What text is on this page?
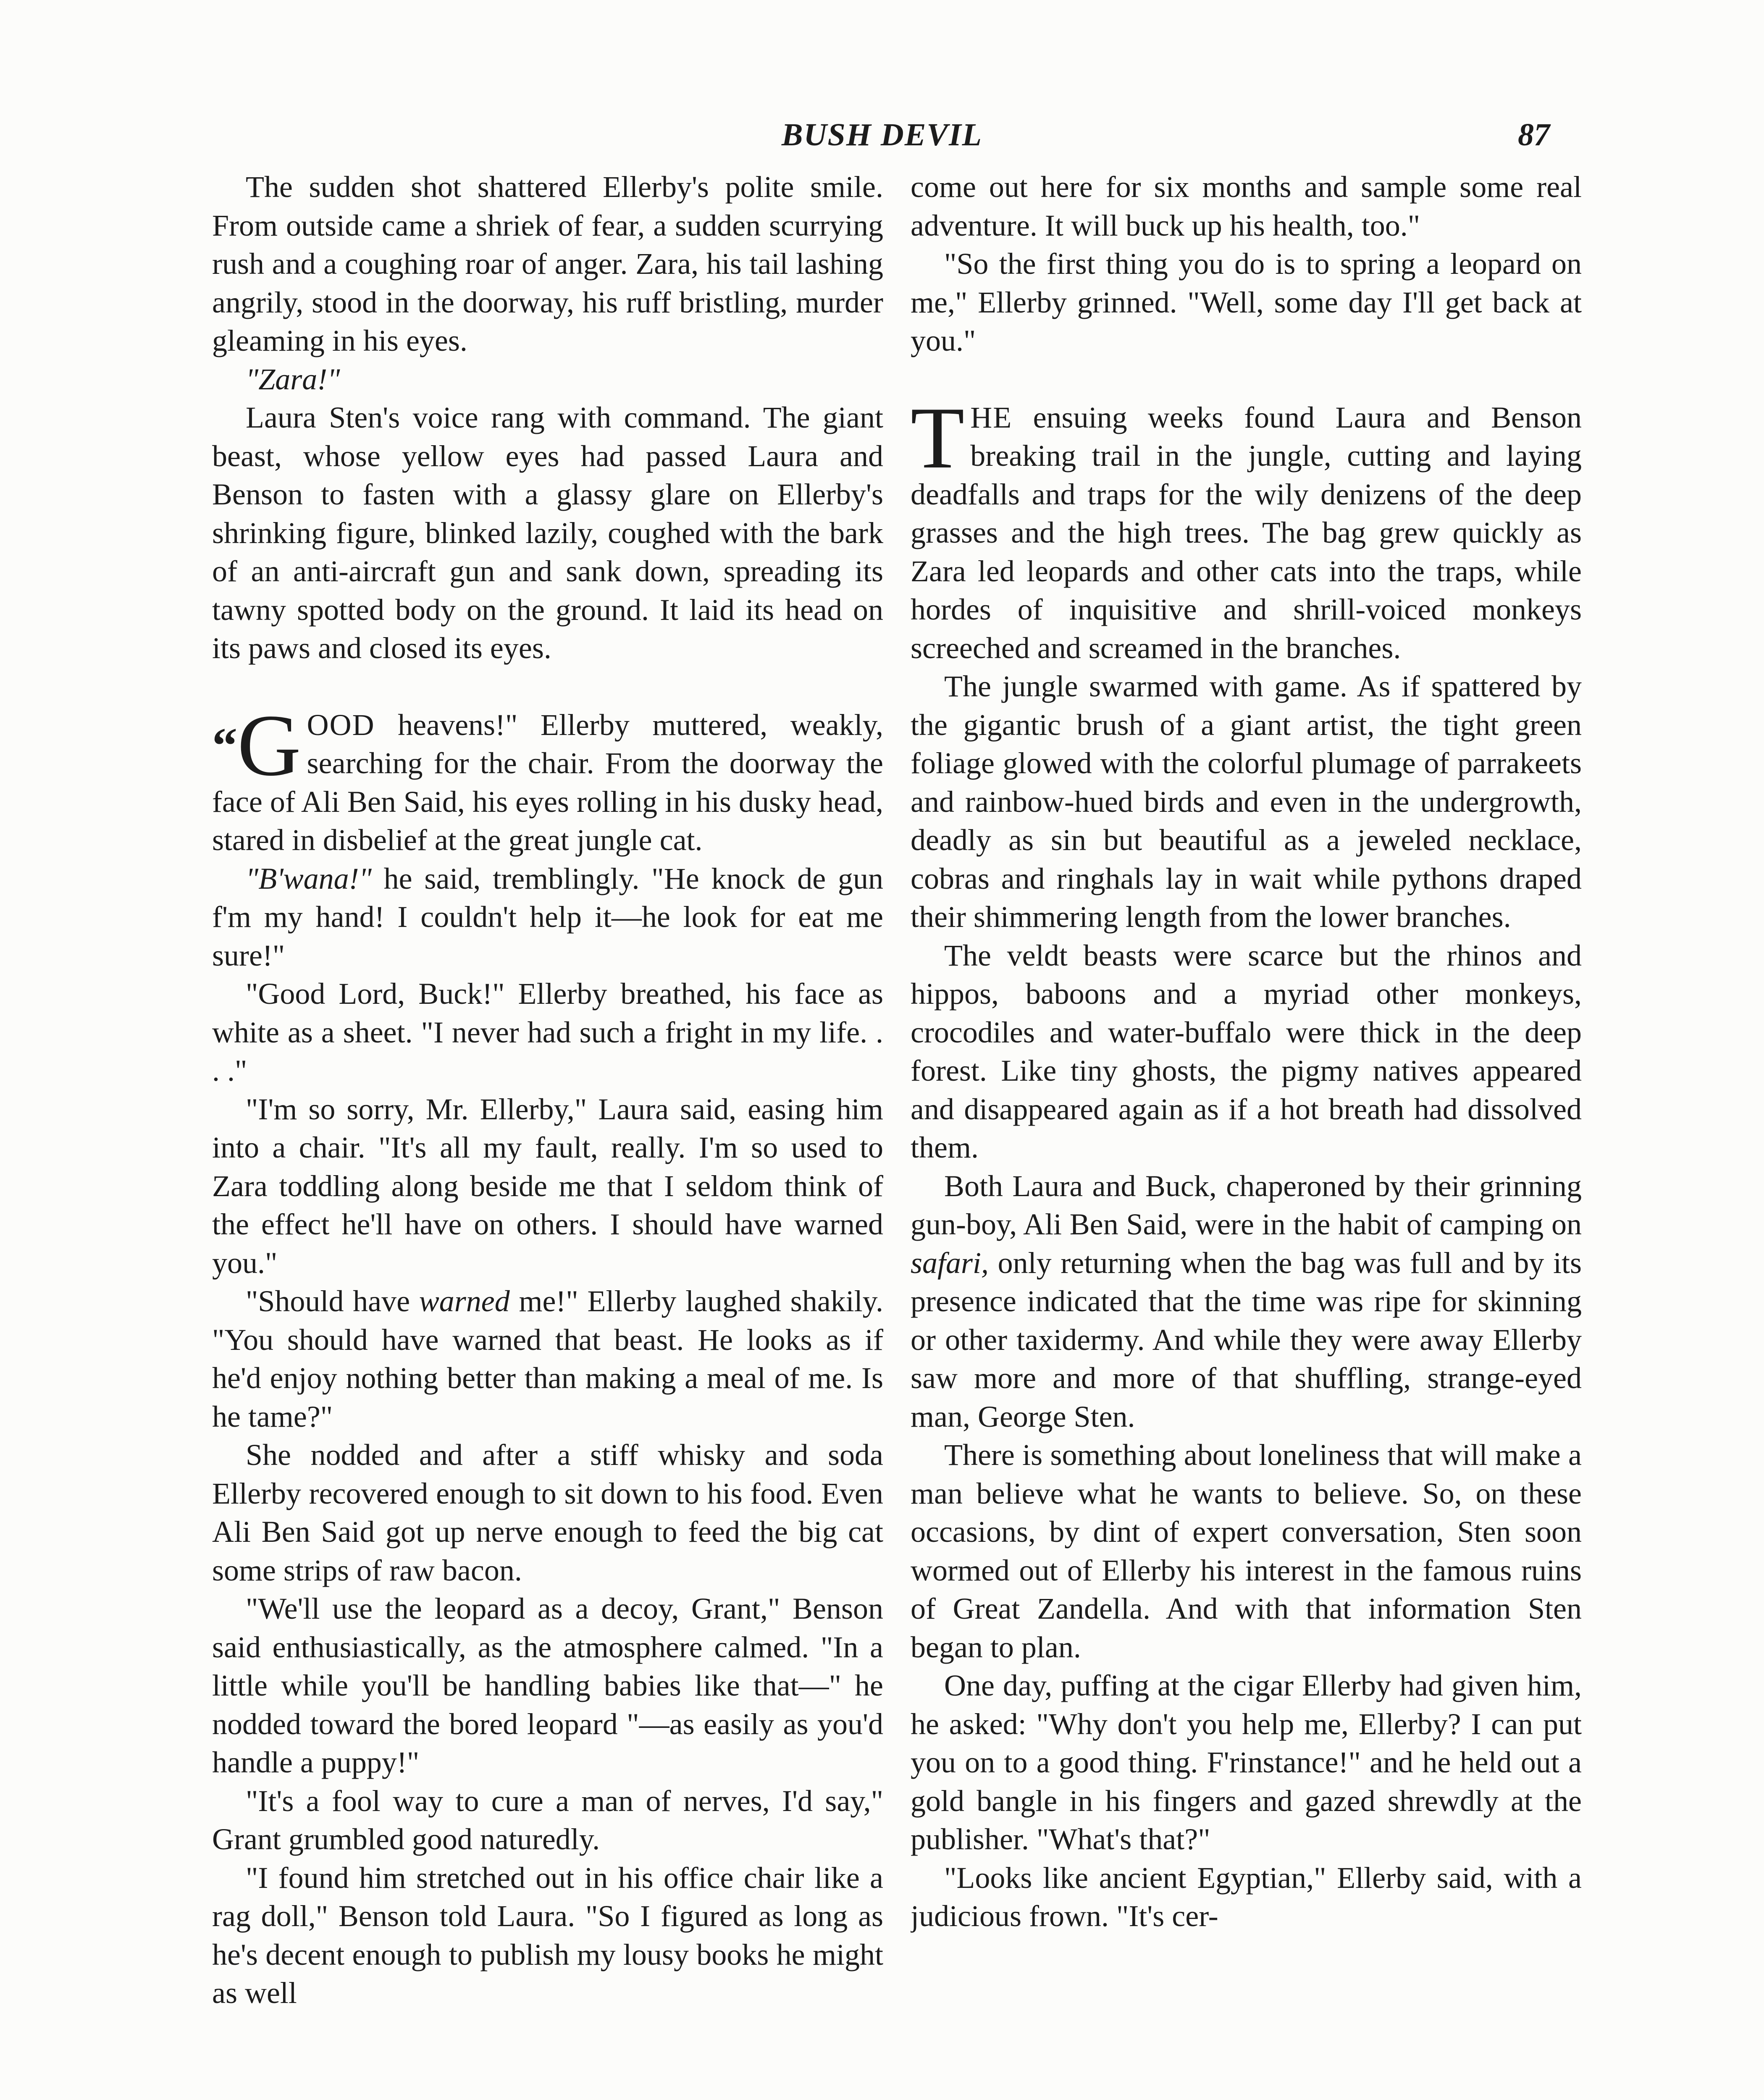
BUSH DEVIL	87

The sudden shot shattered Ellerby's polite smile. From outside came a shriek of fear, a sudden scurrying rush and a coughing roar of anger. Zara, his tail lashing angrily, stood in the doorway, his ruff bristling, murder gleaming in his eyes.

"Zara!"

Laura Sten's voice rang with command. The giant beast, whose yellow eyes had passed Laura and Benson to fasten with a glassy glare on Ellerby's shrinking figure, blinked lazily, coughed with the bark of an anti-aircraft gun and sank down, spreading its tawny spotted body on the ground. It laid its head on its paws and closed its eyes.

“G OOD heavens!" Ellerby muttered, weakly, searching for the chair. From the doorway the face of Ali Ben Said, his eyes rolling in his dusky head, stared in disbelief at the great jungle cat.

"B'wana!" he said, tremblingly. "He knock de gun f'm my hand! I couldn't help it—he look for eat me sure!"

"Good Lord, Buck!" Ellerby breathed, his face as white as a sheet. "I never had such a fright in my life. . . ."

"I'm so sorry, Mr. Ellerby," Laura said, easing him into a chair. "It's all my fault, really. I'm so used to Zara toddling along beside me that I seldom think of the effect he'll have on others. I should have warned you."

"Should have warned me!" Ellerby laughed shakily. "You should have warned that beast. He looks as if he'd enjoy nothing better than making a meal of me. Is he tame?"

She nodded and after a stiff whisky and soda Ellerby recovered enough to sit down to his food. Even Ali Ben Said got up nerve enough to feed the big cat some strips of raw bacon.

"We'll use the leopard as a decoy, Grant," Benson said enthusiastically, as the atmosphere calmed. "In a little while you'll be handling babies like that—" he nodded toward the bored leopard "—as easily as you'd handle a puppy!"

"It's a fool way to cure a man of nerves, I'd say," Grant grumbled good naturedly.

"I found him stretched out in his office chair like a rag doll," Benson told Laura. "So I figured as long as he's decent enough to publish my lousy books he might as well

come out here for six months and sample some real adventure. It will buck up his health, too."

"So the first thing you do is to spring a leopard on me," Ellerby grinned. "Well, some day I'll get back at you."

THE ensuing weeks found Laura and Benson breaking trail in the jungle, cutting and laying deadfalls and traps for the wily denizens of the deep grasses and the high trees. The bag grew quickly as Zara led leopards and other cats into the traps, while hordes of inquisitive and shrill-voiced monkeys screeched and screamed in the branches.

The jungle swarmed with game. As if spattered by the gigantic brush of a giant artist, the tight green foliage glowed with the colorful plumage of parrakeets and rainbow-hued birds and even in the undergrowth, deadly as sin but beautiful as a jeweled necklace, cobras and ringhals lay in wait while pythons draped their shimmering length from the lower branches.

The veldt beasts were scarce but the rhinos and hippos, baboons and a myriad other monkeys, crocodiles and water-buffalo were thick in the deep forest. Like tiny ghosts, the pigmy natives appeared and disappeared again as if a hot breath had dissolved them.

Both Laura and Buck, chaperoned by their grinning gun-boy, Ali Ben Said, were in the habit of camping on safari, only returning when the bag was full and by its presence indicated that the time was ripe for skinning or other taxidermy. And while they were away Ellerby saw more and more of that shuffling, strange-eyed man, George Sten.

There is something about loneliness that will make a man believe what he wants to believe. So, on these occasions, by dint of expert conversation, Sten soon wormed out of Ellerby his interest in the famous ruins of Great Zandella. And with that information Sten began to plan.

One day, puffing at the cigar Ellerby had given him, he asked: "Why don't you help me, Ellerby? I can put you on to a good thing. F'rinstance!" and he held out a gold bangle in his fingers and gazed shrewdly at the publisher. "What's that?"

"Looks like ancient Egyptian," Ellerby said, with a judicious frown. "It's cer-
